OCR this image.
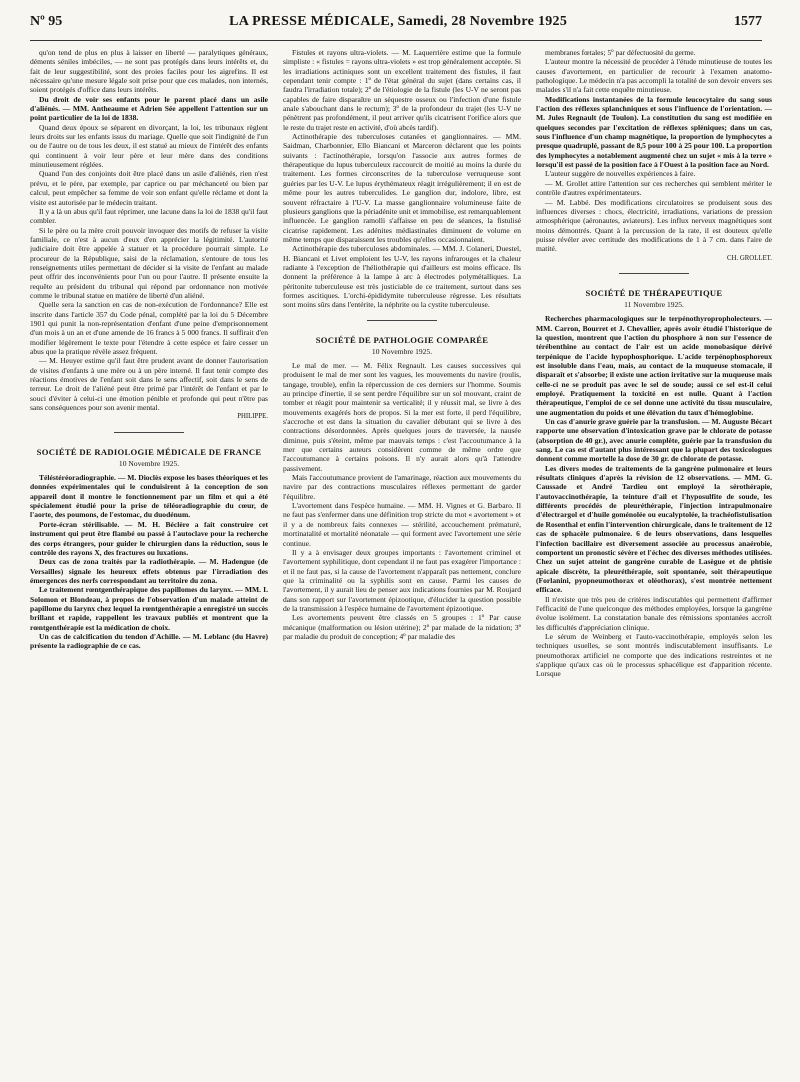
Nº 95	LA PRESSE MÉDICALE, Samedi, 28 Novembre 1925	1577

qu'on tend de plus en plus à laisser en liberté — paralytiques généraux, déments séniles imbéciles, — ne sont pas protégés dans leurs intérêts et, du fait de leur suggestibilité, sont des proies faciles pour les aigrefins. Il est nécessaire qu'une mesure légale soit prise pour que ces malades, non internés, soient protégés d'office dans leurs intérêts.

Du droit de voir ses enfants pour le parent placé dans un asile d'aliénés. — MM. Antheaume et Adrien Sée appellent l'attention sur un point particulier de la loi de 1838.

Quand deux époux se séparent en divorçant, la loi, les tribunaux règlent leurs droits sur les enfants issus du mariage. Quelle que soit l'indignité de l'un ou de l'autre ou de tous les deux, il est statué au mieux de l'intérêt des enfants qui continuent à voir leur père et leur mère dans des conditions minutieusement réglées.

Quand l'un des conjoints doit être placé dans un asile d'aliénés, rien n'est prévu, et le père, par exemple, par caprice ou par méchanceté ou bien par calcul, peut empêcher sa femme de voir son enfant qu'elle réclame et dont la visite est autorisée par le médecin traitant.

Il y a là un abus qu'il faut réprimer, une lacune dans la loi de 1838 qu'il faut combler.

Si le père ou la mère croit pouvoir invoquer des motifs de refuser la visite familiale, ce n'est à aucun d'eux d'en apprécier la légitimité. L'autorité judiciaire doit être appelée à statuer et la procédure pourrait simple. Le procureur de la République, saisi de la réclamation, s'entoure de tous les renseignements utiles permettant de décider si la visite de l'enfant au malade peut offrir des inconvénients pour l'un ou pour l'autre. Il présente ensuite la requête au président du tribunal qui répond par ordonnance non motivée comme le tribunal statue en matière de liberté d'un aliéné.

Quelle sera la sanction en cas de non-exécution de l'ordonnance? Elle est inscrite dans l'article 357 du Code pénal, complété par la loi du 5 Décembre 1901 qui punit la non-représentation d'enfant d'une peine d'emprisonnement d'un mois à un an et d'une amende de 16 francs à 5 000 francs. Il suffirait d'en modifier légèrement le texte pour l'étendre à cette espèce et faire cesser un abus que la pratique révèle assez fréquent.

— M. Heuyer estime qu'il faut être prudent avant de donner l'autorisation de visites d'enfants à une mère ou à un père interné. Il faut tenir compte des réactions émotives de l'enfant soit dans le sens affectif, soit dans le sens de terreur. Le droit de l'aliéné peut être primé par l'intérêt de l'enfant et par le souci d'éviter à celui-ci une émotion pénible et profonde qui peut n'être pas sans conséquences pour son avenir mental.

PHILIPPE.

SOCIÉTÉ DE RADIOLOGIE MÉDICALE DE FRANCE

10 Novembre 1925.

Téléstéréoradiographie. — M. Dioclès expose les bases théoriques et les données expérimentales qui le conduisirent à la conception de son appareil dont il montre le fonctionnement par un film et qui a été spécialement étudié pour la prise de téléoradiographie du cœur, de l'aorte, des poumons, de l'estomac, du duodénum.

Porte-écran stérilisable. — M. H. Béclère a fait construire cet instrument qui peut être flambé ou passé à l'autoclave pour la recherche des corps étrangers, pour guider le chirurgien dans la réduction, sous le contrôle des rayons X, des fractures ou luxations.

Deux cas de zona traités par la radiothérapie. — M. Hadengue (de Versailles) signale les heureux effets obtenus par l'irradiation des émergences des nerfs correspondant au territoire du zona.

Le traitement rœntgenthérapique des papillomes du larynx. — MM. I. Solomon et Blondeau, à propos de l'observation d'un malade atteint de papillome du larynx chez lequel la rœntgenthérapie a enregistré un succès brillant et rapide, rappellent les travaux publiés et montrent que la rœntgenthérapie est la médication de choix.

Un cas de calcification du tendon d'Achille. — M. Leblanc (du Havre) présente la radiographie de ce cas.

Fistules et rayons ultra-violets. — M. Laquerrière estime que la formule simpliste : « fistules = rayons ultra-violets » est trop généralement acceptée. Si les irradiations actiniques sont un excellent traitement des fistules, il faut cependant tenir compte : 1º de l'état général du sujet (dans certains cas, il faudra l'irradiation totale); 2º de l'étiologie de la fistule (les U-V ne seront pas capables de faire disparaître un séquestre osseux ou l'infection d'une fistule anale s'abouchant dans le rectum); 3º de la profondeur du trajet (les U-V ne pénètrent pas profondément, il peut arriver qu'ils cicatrisent l'orifice alors que le reste du trajet reste en activité, d'où abcès tardif).

Actinothérapie des tuberculoses cutanées et ganglionnaires. — MM. Saidman, Charbonnier, Ello Biancani et Marceron déclarent que les points suivants : l'actinothérapie, lorsqu'on l'associe aux autres formes de thérapeutique du lupus tuberculeux raccourcit de moitié au moins la durée du traitement. Les formes circonscrites de la tuberculose verruqueuse sont guéries par les U-V. Le lupus érythémateux réagit irrégulièrement; il en est de même pour les autres tuberculides. Le ganglion dur, indolore, libre, est souvent réfractaire à l'U-V. La masse ganglionnaire volumineuse faite de plusieurs ganglions que la périadénite unit et immobilise, est remarquablement influencée. Le ganglion ramolli s'affaisse en peu de séances, la fistulisé cicatrise rapidement. Les adénites médiastinales diminuent de volume en même temps que disparaissent les troubles qu'elles occasionnaient.

Actinothérapie des tuberculoses abdominales. — MM. J. Colaneri, Duestel, H. Biancani et Livet emploient les U-V, les rayons infrarouges et la chaleur radiante à l'exception de l'héliothérapie qui d'ailleurs est moins efficace. Ils donnent la préférence à la lampe à arc à électrodes polymétalliques. La péritonite tuberculeuse est très justiciable de ce traitement, surtout dans ses formes ascitiques. L'orchi-épididymite tuberculeuse régresse. Les résultats sont moins sûrs dans l'entérite, la néphrite ou la cystite tuberculeuse.

SOCIÉTÉ DE PATHOLOGIE COMPARÉE

10 Novembre 1925.

Le mal de mer. — M. Félix Regnault. Les causes successives qui produisent le mal de mer sont les vagues, les mouvements du navire (roulis, tangage, trouble), enfin la répercussion de ces derniers sur l'homme. Soumis au principe d'inertie, il se sent perdre l'équilibre sur un sol mouvant, craint de tomber et réagit pour maintenir sa verticalité; il y réussit mal, se livre à des mouvements exagérés hors de propos. Si la mer est forte, il perd l'équilibre, s'accroche et est dans la situation du cavalier débutant qui se livre à des contractions désordonnées. Après quelques jours de traversée, la nausée diminue, puis s'éteint, même par mauvais temps : c'est l'accoutumance à la mer que certains auteurs considèrent comme de même ordre que l'accoutumance à certains poisons. Il n'y aurait alors qu'à l'attendre passivement.

Mais l'accoutumance provient de l'amarinage, réaction aux mouvements du navire par des contractions musculaires réflexes permettant de garder l'équilibre.

L'avortement dans l'espèce humaine. — MM. H. Vignes et G. Barbaro. Il ne faut pas s'enfermer dans une définition trop stricte du mot « avortement » et il y a de nombreux faits connexes — stérilité, accouchement prématuré, mortinatalité et mortalité néonatale — qui forment avec l'avortement une série continue.

Il y a à envisager deux groupes importants : l'avortement criminel et l'avortement syphilitique, dont cependant il ne faut pas exagérer l'importance : et il ne faut pas, si la cause de l'avortement n'apparaît pas nettement, conclure que la criminalité ou la syphilis sont en cause. Parmi les causes de l'avortement, il y aurait lieu de penser aux indications fournies par M. Roujard dans son rapport sur l'avortement épizootique, d'élucider la question possible de la transmission à l'espèce humaine de l'avortement épizootique.

Les avortements peuvent être classés en 5 groupes : 1º Par cause mécanique (malformation ou lésion utérine); 2º par malade de la nidation; 3º par maladie du produit de conception; 4º par maladie des

membranes fœtales; 5º par défectuosité du germe.

L'auteur montre la nécessité de procéder à l'étude minutieuse de toutes les causes d'avortement, en particulier de recourir à l'examen anatomo-pathologique. Le médecin n'a pas accompli la totalité de son devoir envers ses malades s'il n'a fait cette enquête minutieuse.

Modifications instantanées de la formule leucocytaire du sang sous l'action des réflexes splanchniques et sous l'influence de l'orientation. — M. Jules Regnault (de Toulon). La constitution du sang est modifiée en quelques secondes par l'excitation de réflexes spléniques; dans un cas, sous l'influence d'un champ magnétique, la proportion de lymphocytes a presque quadruplé, passant de 8,5 pour 100 à 25 pour 100. La proportion des lymphocytes a notablement augmenté chez un sujet « mis à la terre » lorsqu'il est passé de la position face à l'Ouest à la position face au Nord.

L'auteur suggère de nouvelles expériences à faire.

— M. Grollet attire l'attention sur ces recherches qui semblent mériter le contrôle d'autres expérimentateurs.

— M. Labbé. Des modifications circulatoires se produisent sous des influences diverses : chocs, électricité, irradiations, variations de pression atmosphérique (aéronautes, aviateurs). Les influx nerveux magnétiques sont moins démontrés. Quant à la percussion de la rate, il est douteux qu'elle puisse révéler avec certitude des modifications de 1 à 7 cm. dans l'aire de matité.

CH. GROLLET.

SOCIÉTÉ DE THÉRAPEUTIQUE

11 Novembre 1925.

Recherches pharmacologiques sur le terpénothyropropholecteurs. — MM. Carron, Bourret et J. Chevallier, après avoir étudié l'historique de la question, montrent que l'action du phosphore à non sur l'essence de térébenthine au contact de l'air est un acide monobasique dérivé terpénique de l'acide hypophosphorique. L'acide terpénophosphoreux est insoluble dans l'eau, mais, au contact de la muqueuse stomacale, il disparaît et s'absorbe; il existe une action irritative sur la muqueuse mais celle-ci ne se produit pas avec le sel de soude; aussi ce sel est-il celui employé. Pratiquement la toxicité en est nulle. Quant à l'action thérapeutique, l'emploi de ce sel donne une activité du tissu musculaire, une augmentation du poids et une élévation du taux d'hémoglobine.

Un cas d'anurie grave guérie par la transfusion. — M. Auguste Bécart rapporte une observation d'intoxication grave par le chlorate de potasse (absorption de 40 gr.), avec anurie complète, guérie par la transfusion du sang. Le cas est d'autant plus intéressant que la plupart des toxicologues donnent comme mortelle la dose de 30 gr. de chlorate de potasse.

Les divers modes de traitements de la gangrène pulmonaire et leurs résultats cliniques d'après la révision de 12 observations. — MM. G. Caussade et André Tardieu ont employé la sérothérapie, l'autovaccinothérapie, la teinture d'ail et l'hyposulfite de soude, les différents procédés de pleuréthérapie, l'injection intrapulmonaire d'électrargol et d'huile goménolée ou eucalyptolée, la trachéofistulisation de Rosenthal et enfin l'intervention chirurgicale, dans le traitement de 12 cas de sphacèle pulmonaire. 6 de leurs observations, dans lesquelles l'infection bacillaire est diversement associée au processus anaérobie, comportent un pronostic sévère et l'échec des diverses méthodes utilisées. Chez un sujet atteint de gangrène curable de Lasègue et de phtisie apicale discrète, la pleuréthérapie, soit spontanée, soit thérapeutique (Forlanini, pyopneumothorax et oléothorax), s'est montrée nettement efficace.

Il n'existe que très peu de critères indiscutables qui permettent d'affirmer l'efficacité de l'une quelconque des méthodes employées, lorsque la gangrène évolue isolément. La constatation banale des rémissions spontanées accroît les difficultés d'appréciation clinique.

Le sérum de Weinberg et l'auto-vaccinothérapie, employés selon les techniques usuelles, se sont montrés indiscutablement insuffisants. Le pneumothorax artificiel ne comporte que des indications restreintes et ne s'applique qu'aux cas où le processus sphacélique est d'apparition récente. Lorsque
